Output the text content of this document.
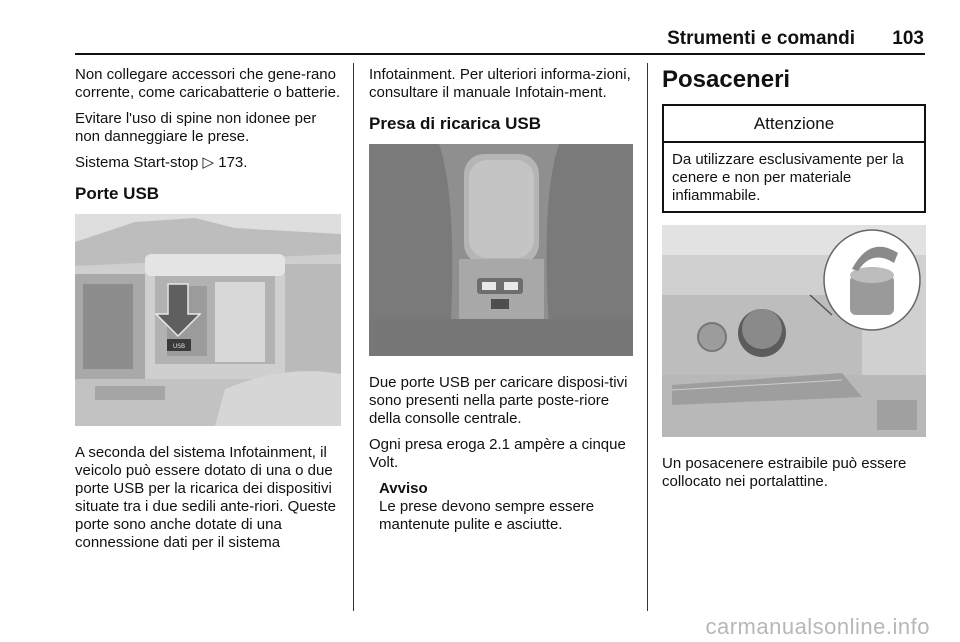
Strumenti e comandi 103

Non collegare accessori che gene-rano corrente, come caricabatterie o batterie.

Evitare l'uso di spine non idonee per non danneggiare le prese.

Sistema Start-stop ▷ 173.

Porte USB
USB

A seconda del sistema Infotainment, il veicolo può essere dotato di una o due porte USB per la ricarica dei dispositivi situate tra i due sedili ante-riori. Queste porte sono anche dotate di una connessione dati per il sistema

Infotainment. Per ulteriori informa-zioni, consultare il manuale Infotain-ment.

Presa di ricarica USB

Due porte USB per caricare disposi-tivi sono presenti nella parte poste-riore della consolle centrale.

Ogni presa eroga 2.1 ampère a cinque Volt.

Avviso
Le prese devono sempre essere mantenute pulite e asciutte.
Posaceneri
Attenzione
Da utilizzare esclusivamente per la cenere e non per materiale infiammabile.

Un posacenere estraibile può essere collocato nei portalattine.

carmanualsonline.info
